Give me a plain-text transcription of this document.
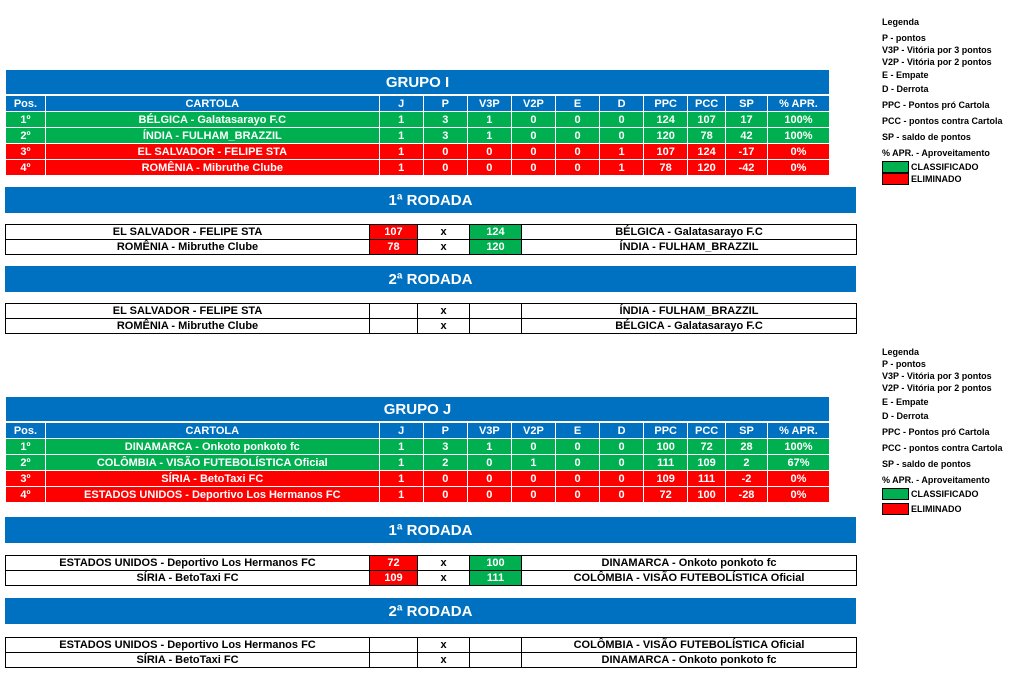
GRUPO I
Pos.	CARTOLA	J	P	V3P	V2P	E	D	PPC	PCC	SP	% APR.
1º	BÉLGICA - Galatasarayo F.C	1	3	1	0	0	0	124	107	17	100%
2º	ÍNDIA - FULHAM_BRAZZIL	1	3	1	0	0	0	120	78	42	100%
3º	EL SALVADOR - FELIPE STA	1	0	0	0	0	1	107	124	-17	0%
4º	ROMÊNIA - Mibruthe Clube	1	0	0	0	0	1	78	120	-42	0%
1ª RODADA
EL SALVADOR - FELIPE STA	107	x	124	BÉLGICA - Galatasarayo F.C
ROMÊNIA - Mibruthe Clube	78	x	120	ÍNDIA - FULHAM_BRAZZIL
2ª RODADA
EL SALVADOR - FELIPE STA		x		ÍNDIA - FULHAM_BRAZZIL
ROMÊNIA - Mibruthe Clube		x		BÉLGICA - Galatasarayo F.C
GRUPO J
Pos.	CARTOLA	J	P	V3P	V2P	E	D	PPC	PCC	SP	% APR.
1º	DINAMARCA - Onkoto ponkoto fc	1	3	1	0	0	0	100	72	28	100%
2º	COLÔMBIA - VISÃO FUTEBOLÍSTICA Oficial	1	2	0	1	0	0	111	109	2	67%
3º	SÍRIA - BetoTaxi FC	1	0	0	0	0	0	109	111	-2	0%
4º	ESTADOS UNIDOS - Deportivo Los Hermanos FC	1	0	0	0	0	0	72	100	-28	0%
1ª RODADA
ESTADOS UNIDOS - Deportivo Los Hermanos FC	72	x	100	DINAMARCA - Onkoto ponkoto fc
SÍRIA - BetoTaxi FC	109	x	111	COLÔMBIA - VISÃO FUTEBOLÍSTICA Oficial
2ª RODADA
ESTADOS UNIDOS - Deportivo Los Hermanos FC		x		COLÔMBIA - VISÃO FUTEBOLÍSTICA Oficial
SÍRIA - BetoTaxi FC		x		DINAMARCA - Onkoto ponkoto fc
Legenda
P - pontos
V3P - Vitória por 3 pontos
V2P - Vitória por 2 pontos
E - Empate
D - Derrota
PPC - Pontos pró Cartola
PCC - pontos contra Cartola
SP - saldo de pontos
% APR. - Aproveitamento
CLASSIFICADO
ELIMINADO
Legenda
P - pontos
V3P - Vitória por 3 pontos
V2P - Vitória por 2 pontos
E - Empate
D - Derrota
PPC - Pontos pró Cartola
PCC - pontos contra Cartola
SP - saldo de pontos
% APR. - Aproveitamento
CLASSIFICADO
ELIMINADO
